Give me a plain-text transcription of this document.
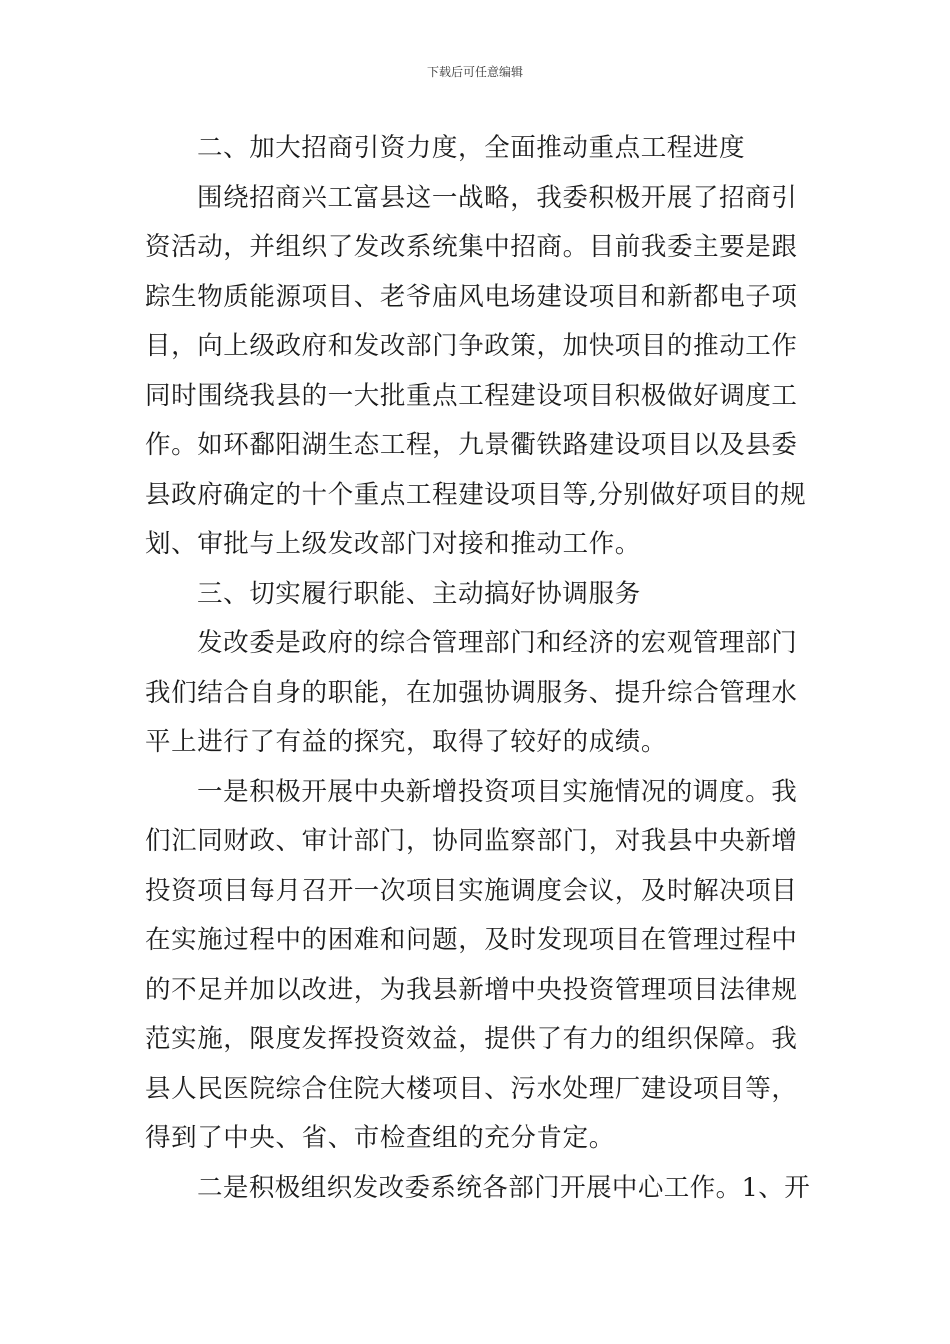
下载后可任意编辑
二、加大招商引资力度，全面推动重点工程进度
围绕招商兴工富县这一战略，我委积极开展了招商引
资活动，并组织了发改系统集中招商。目前我委主要是跟
踪生物质能源项目、老爷庙风电场建设项目和新都电子项
目，向上级政府和发改部门争政策，加快项目的推动工作
同时围绕我县的一大批重点工程建设项目积极做好调度工
作。如环鄱阳湖生态工程，九景衢铁路建设项目以及县委
县政府确定的十个重点工程建设项目等,分别做好项目的规
划、审批与上级发改部门对接和推动工作。
三、切实履行职能、主动搞好协调服务
发改委是政府的综合管理部门和经济的宏观管理部门
我们结合自身的职能，在加强协调服务、提升综合管理水
平上进行了有益的探究，取得了较好的成绩。
一是积极开展中央新增投资项目实施情况的调度。我
们汇同财政、审计部门，协同监察部门，对我县中央新增
投资项目每月召开一次项目实施调度会议，及时解决项目
在实施过程中的困难和问题，及时发现项目在管理过程中
的不足并加以改进，为我县新增中央投资管理项目法律规
范实施，限度发挥投资效益，提供了有力的组织保障。我
县人民医院综合住院大楼项目、污水处理厂建设项目等，
得到了中央、省、市检查组的充分肯定。
二是积极组织发改委系统各部门开展中心工作。1、开
